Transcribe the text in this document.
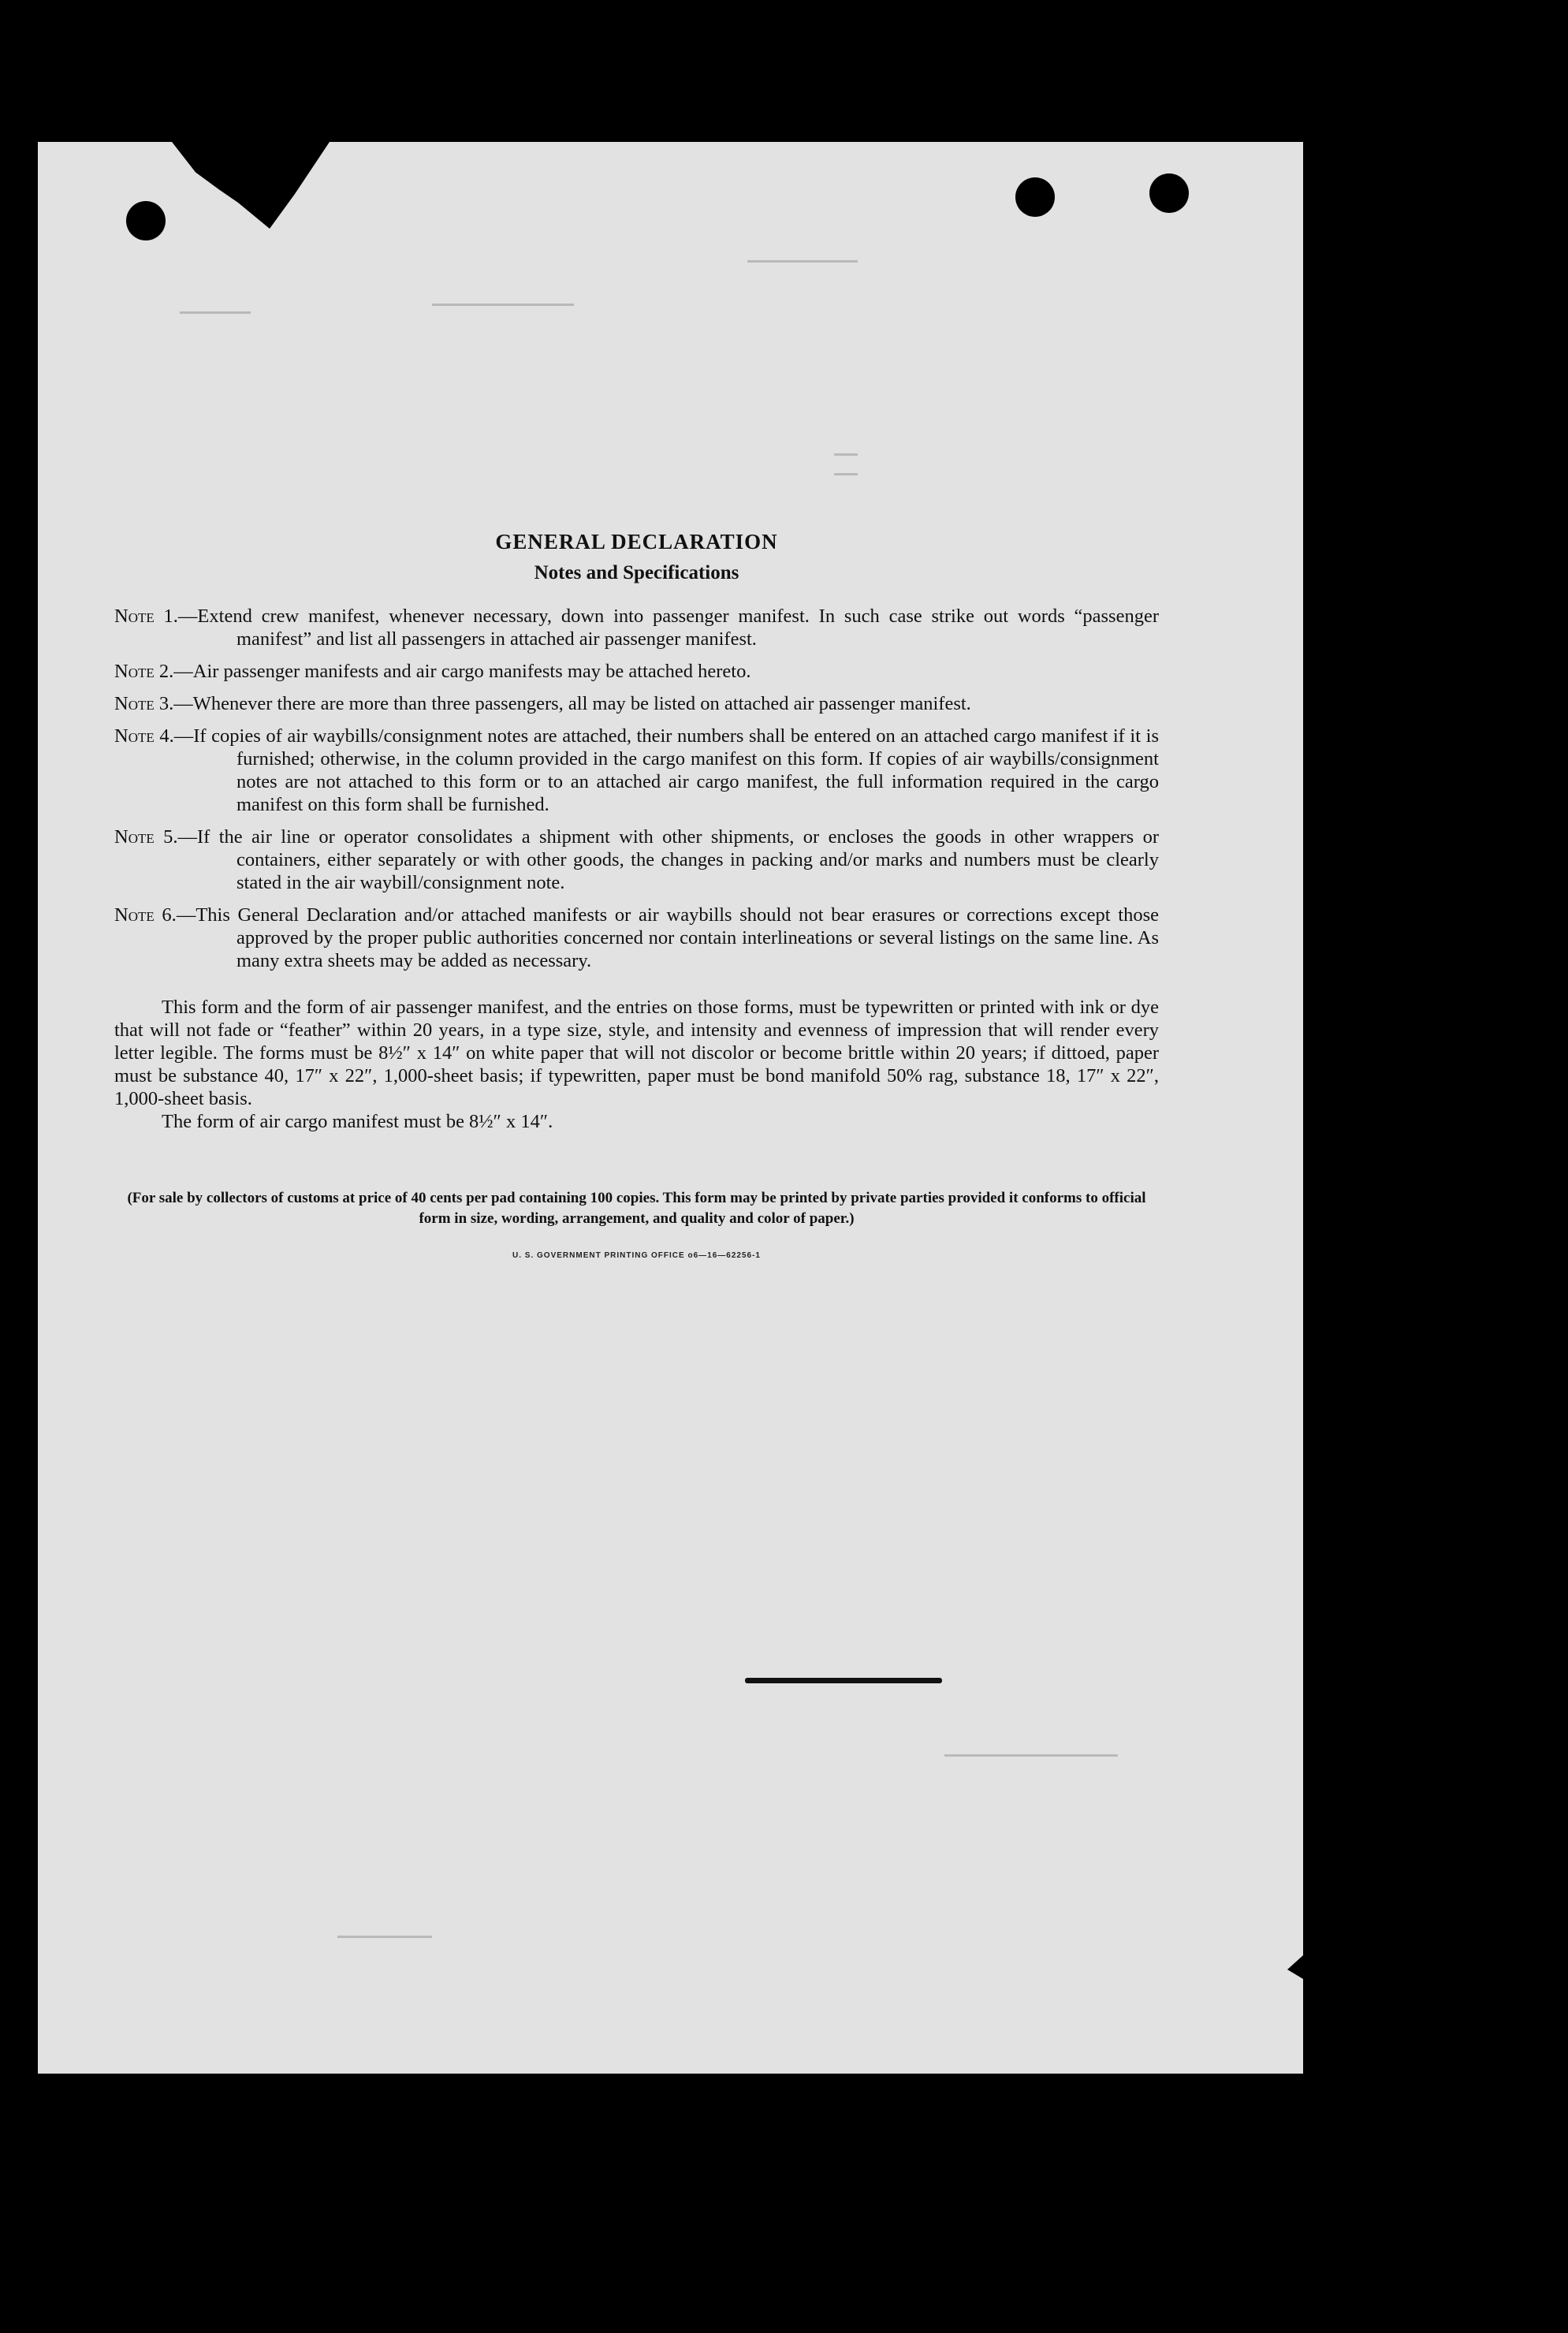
GENERAL DECLARATION
Notes and Specifications
Note 1.—Extend crew manifest, whenever necessary, down into passenger manifest. In such case strike out words “passenger manifest” and list all passengers in attached air passenger manifest.
Note 2.—Air passenger manifests and air cargo manifests may be attached hereto.
Note 3.—Whenever there are more than three passengers, all may be listed on attached air passenger manifest.
Note 4.—If copies of air waybills/consignment notes are attached, their numbers shall be entered on an attached cargo manifest if it is furnished; otherwise, in the column provided in the cargo manifest on this form. If copies of air waybills/consignment notes are not attached to this form or to an attached air cargo manifest, the full information required in the cargo manifest on this form shall be furnished.
Note 5.—If the air line or operator consolidates a shipment with other shipments, or encloses the goods in other wrappers or containers, either separately or with other goods, the changes in packing and/or marks and numbers must be clearly stated in the air waybill/consignment note.
Note 6.—This General Declaration and/or attached manifests or air waybills should not bear erasures or corrections except those approved by the proper public authorities concerned nor contain interlineations or several listings on the same line. As many extra sheets may be added as necessary.

This form and the form of air passenger manifest, and the entries on those forms, must be typewritten or printed with ink or dye that will not fade or “feather” within 20 years, in a type size, style, and intensity and evenness of impression that will render every letter legible. The forms must be 8½″ x 14″ on white paper that will not discolor or become brittle within 20 years; if dittoed, paper must be substance 40, 17″ x 22″, 1,000-sheet basis; if typewritten, paper must be bond manifold 50% rag, substance 18, 17″ x 22″, 1,000-sheet basis.

The form of air cargo manifest must be 8½″ x 14″.

(For sale by collectors of customs at price of 40 cents per pad containing 100 copies. This form may be printed by private parties provided it conforms to official form in size, wording, arrangement, and quality and color of paper.)
U. S. GOVERNMENT PRINTING OFFICE o6—16—62256-1
